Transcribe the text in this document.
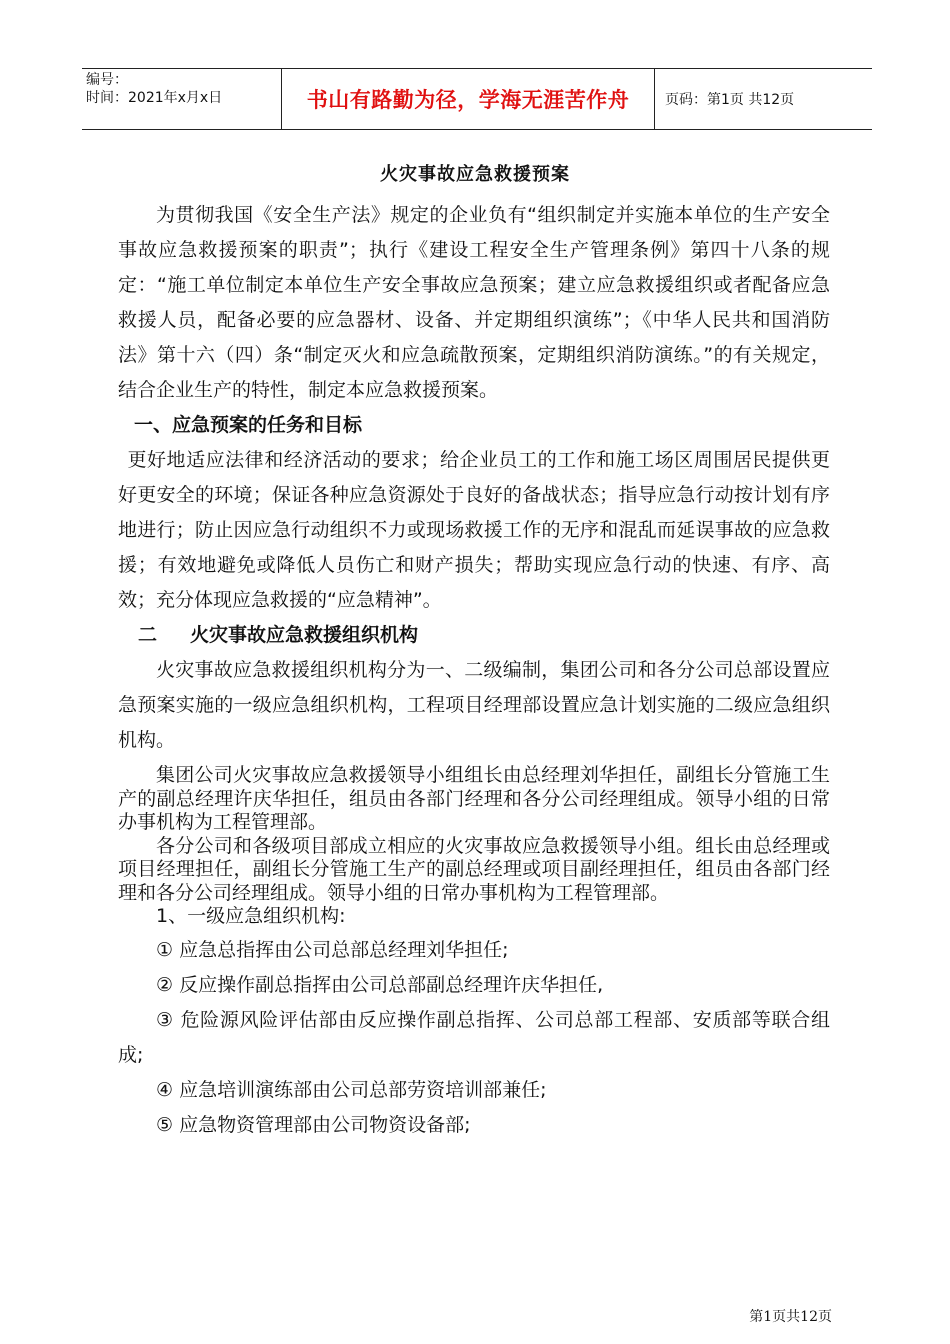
编号：
时间：2021年x月x日	书山有路勤为径，学海无涯苦作舟	页码：第1页 共12页
火灾事故应急救援预案

为贯彻我国《安全生产法》规定的企业负有“组织制定并实施本单位的生产安全事故应急救援预案的职责”；执行《建设工程安全生产管理条例》第四十八条的规定：“施工单位制定本单位生产安全事故应急预案；建立应急救援组织或者配备应急救援人员，配备必要的应急器材、设备、并定期组织演练”；《中华人民共和国消防法》第十六（四）条“制定灭火和应急疏散预案，定期组织消防演练。”的有关规定，结合企业生产的特性，制定本应急救援预案。

一、应急预案的任务和目标

更好地适应法律和经济活动的要求；给企业员工的工作和施工场区周围居民提供更好更安全的环境；保证各种应急资源处于良好的备战状态；指导应急行动按计划有序地进行；防止因应急行动组织不力或现场救援工作的无序和混乱而延误事故的应急救援；有效地避免或降低人员伤亡和财产损失；帮助实现应急行动的快速、有序、高效；充分体现应急救援的“应急精神”。

二 火灾事故应急救援组织机构

火灾事故应急救援组织机构分为一、二级编制，集团公司和各分公司总部设置应急预案实施的一级应急组织机构，工程项目经理部设置应急计划实施的二级应急组织机构。

集团公司火灾事故应急救援领导小组组长由总经理刘华担任，副组长分管施工生产的副总经理许庆华担任，组员由各部门经理和各分公司经理组成。领导小组的日常办事机构为工程管理部。

各分公司和各级项目部成立相应的火灾事故应急救援领导小组。组长由总经理或项目经理担任，副组长分管施工生产的副总经理或项目副经理担任，组员由各部门经理和各分公司经理组成。领导小组的日常办事机构为工程管理部。

1、一级应急组织机构:

① 应急总指挥由公司总部总经理刘华担任;

② 反应操作副总指挥由公司总部副总经理许庆华担任,

③ 危险源风险评估部由反应操作副总指挥、公司总部工程部、安质部等联合组成;

④ 应急培训演练部由公司总部劳资培训部兼任;

⑤ 应急物资管理部由公司物资设备部;

第1页共12页
